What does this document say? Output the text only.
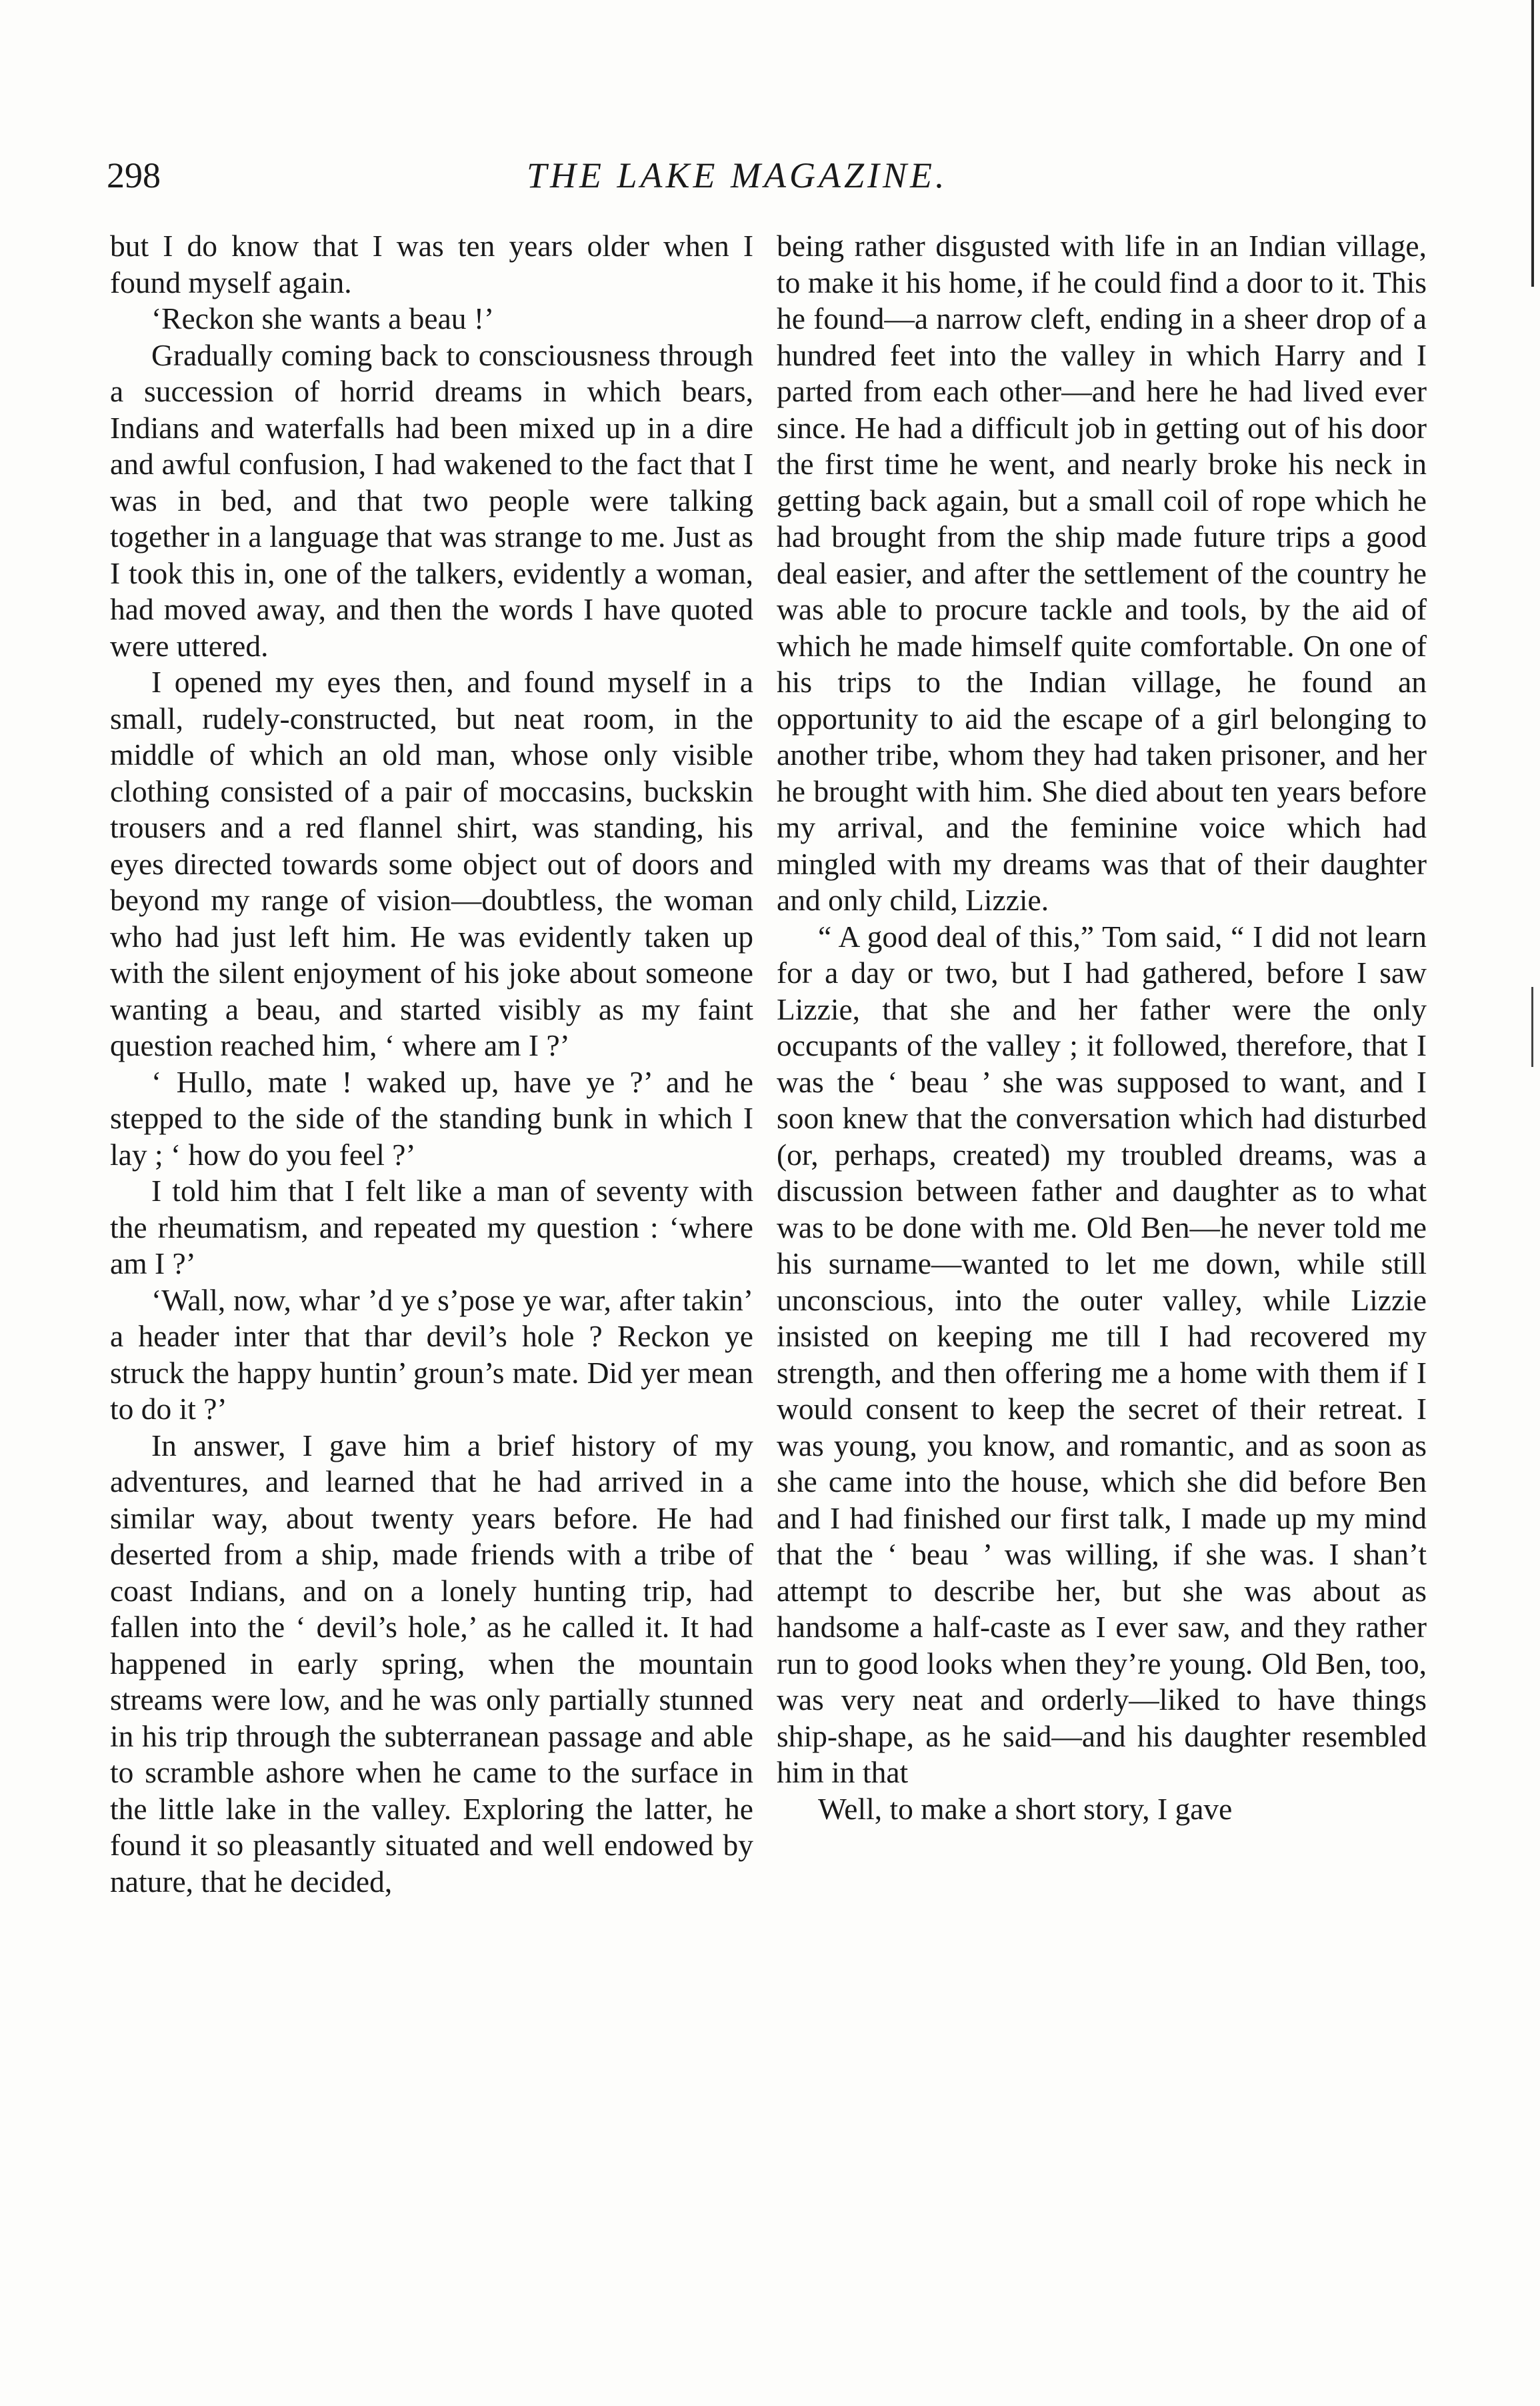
298	THE LAKE MAGAZINE.

but I do know that I was ten years older when I found myself again.

‘Reckon she wants a beau !’

Gradually coming back to consciousness through a succession of horrid dreams in which bears, Indians and waterfalls had been mixed up in a dire and awful confusion, I had wakened to the fact that I was in bed, and that two people were talking together in a language that was strange to me. Just as I took this in, one of the talkers, evidently a woman, had moved away, and then the words I have quoted were uttered.

I opened my eyes then, and found myself in a small, rudely-constructed, but neat room, in the middle of which an old man, whose only visible clothing consisted of a pair of moccasins, buckskin trousers and a red flannel shirt, was standing, his eyes directed towards some object out of doors and beyond my range of vision—doubtless, the woman who had just left him. He was evidently taken up with the silent enjoyment of his joke about someone wanting a beau, and started visibly as my faint question reached him, ‘ where am I ?’

‘ Hullo, mate ! waked up, have ye ?’ and he stepped to the side of the standing bunk in which I lay ; ‘ how do you feel ?’

I told him that I felt like a man of seventy with the rheumatism, and repeated my question : ‘where am I ?’

‘Wall, now, whar ’d ye s’pose ye war, after takin’ a header inter that thar devil’s hole ? Reckon ye struck the happy huntin’ groun’s mate. Did yer mean to do it ?’

In answer, I gave him a brief history of my adventures, and learned that he had arrived in a similar way, about twenty years before. He had deserted from a ship, made friends with a tribe of coast Indians, and on a lonely hunting trip, had fallen into the ‘ devil’s hole,’ as he called it. It had happened in early spring, when the mountain streams were low, and he was only partially stunned in his trip through the subterranean passage and able to scramble ashore when he came to the surface in the little lake in the valley. Exploring the latter, he found it so pleasantly situated and well endowed by nature, that he decided,

being rather disgusted with life in an Indian village, to make it his home, if he could find a door to it. This he found—a narrow cleft, ending in a sheer drop of a hundred feet into the valley in which Harry and I parted from each other—and here he had lived ever since. He had a difficult job in getting out of his door the first time he went, and nearly broke his neck in getting back again, but a small coil of rope which he had brought from the ship made future trips a good deal easier, and after the settlement of the country he was able to procure tackle and tools, by the aid of which he made himself quite comfortable. On one of his trips to the Indian village, he found an opportunity to aid the escape of a girl belonging to another tribe, whom they had taken prisoner, and her he brought with him. She died about ten years before my arrival, and the feminine voice which had mingled with my dreams was that of their daughter and only child, Lizzie.

“ A good deal of this,” Tom said, “ I did not learn for a day or two, but I had gathered, before I saw Lizzie, that she and her father were the only occupants of the valley ; it followed, therefore, that I was the ‘ beau ’ she was supposed to want, and I soon knew that the conversation which had disturbed (or, perhaps, created) my troubled dreams, was a discussion between father and daughter as to what was to be done with me. Old Ben—he never told me his surname—wanted to let me down, while still unconscious, into the outer valley, while Lizzie insisted on keeping me till I had recovered my strength, and then offering me a home with them if I would consent to keep the secret of their retreat. I was young, you know, and romantic, and as soon as she came into the house, which she did before Ben and I had finished our first talk, I made up my mind that the ‘ beau ’ was willing, if she was. I shan’t attempt to describe her, but she was about as handsome a half-caste as I ever saw, and they rather run to good looks when they’re young. Old Ben, too, was very neat and orderly—liked to have things ship-shape, as he said—and his daughter resembled him in that

Well, to make a short story, I gave
